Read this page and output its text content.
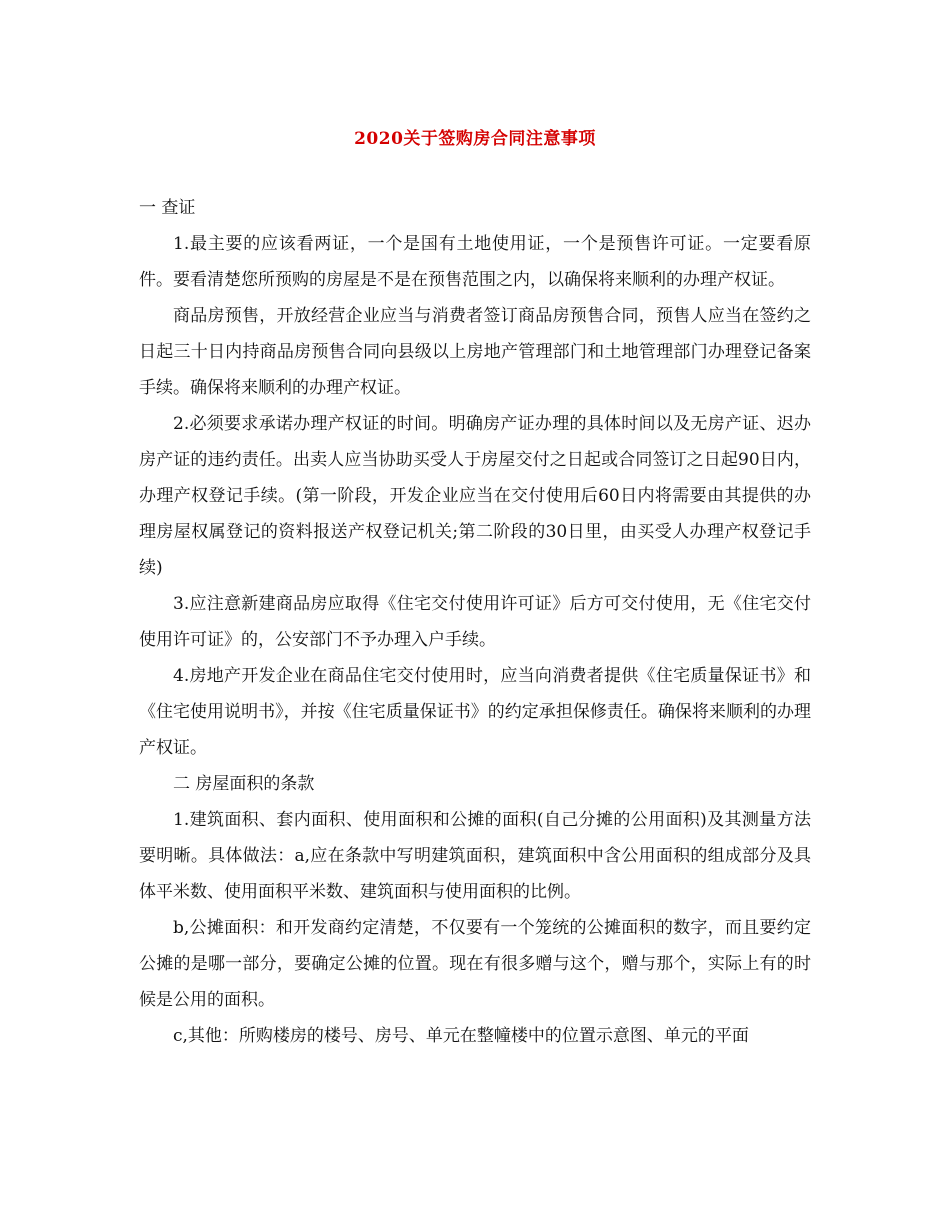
2020关于签购房合同注意事项

一 查证

1.最主要的应该看两证，一个是国有土地使用证，一个是预售许可证。一定要看原件。要看清楚您所预购的房屋是不是在预售范围之内，以确保将来顺利的办理产权证。

商品房预售，开放经营企业应当与消费者签订商品房预售合同，预售人应当在签约之日起三十日内持商品房预售合同向县级以上房地产管理部门和土地管理部门办理登记备案手续。确保将来顺利的办理产权证。

2.必须要求承诺办理产权证的时间。明确房产证办理的具体时间以及无房产证、迟办房产证的违约责任。出卖人应当协助买受人于房屋交付之日起或合同签订之日起90日内，办理产权登记手续。(第一阶段，开发企业应当在交付使用后60日内将需要由其提供的办理房屋权属登记的资料报送产权登记机关;第二阶段的30日里，由买受人办理产权登记手续)

3.应注意新建商品房应取得《住宅交付使用许可证》后方可交付使用，无《住宅交付使用许可证》的，公安部门不予办理入户手续。

4.房地产开发企业在商品住宅交付使用时，应当向消费者提供《住宅质量保证书》和《住宅使用说明书》，并按《住宅质量保证书》的约定承担保修责任。确保将来顺利的办理产权证。

二 房屋面积的条款

1.建筑面积、套内面积、使用面积和公摊的面积(自己分摊的公用面积)及其测量方法要明晰。具体做法：a,应在条款中写明建筑面积，建筑面积中含公用面积的组成部分及具体平米数、使用面积平米数、建筑面积与使用面积的比例。

b,公摊面积：和开发商约定清楚，不仅要有一个笼统的公摊面积的数字，而且要约定公摊的是哪一部分，要确定公摊的位置。现在有很多赠与这个，赠与那个，实际上有的时候是公用的面积。

c,其他：所购楼房的楼号、房号、单元在整幢楼中的位置示意图、单元的平面
